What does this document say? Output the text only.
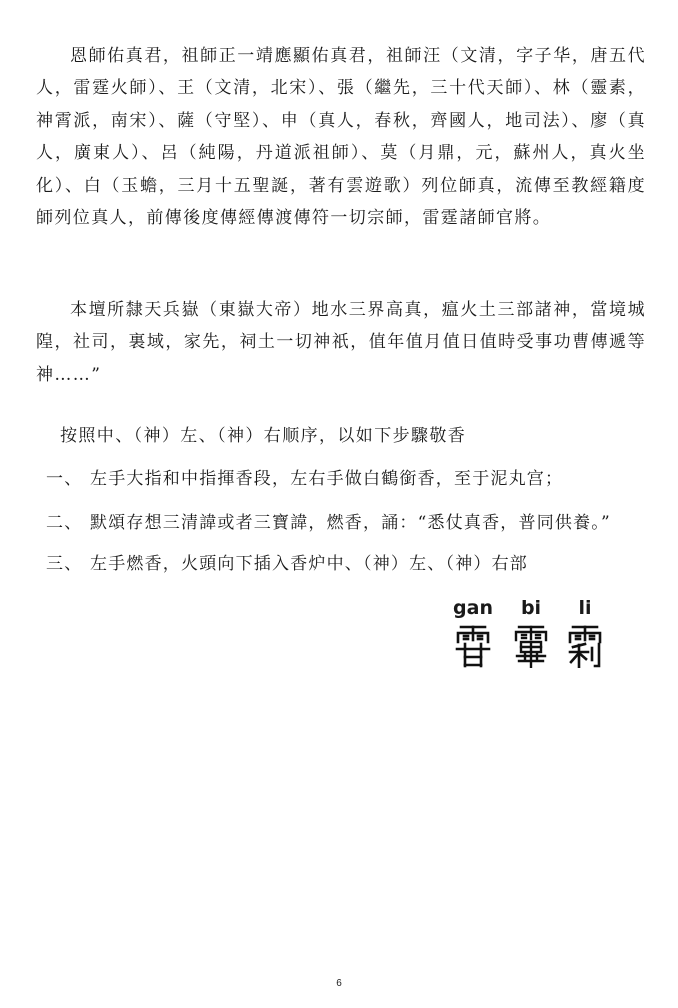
恩師佑真君，祖師正一靖應顯佑真君，祖師汪（文清，字子华，唐五代人，雷霆火師）、王（文清，北宋）、張（繼先，三十代天師）、林（靈素，神霄派，南宋）、薩（守堅）、申（真人，春秋，齊國人，地司法）、廖（真人，廣東人）、呂（純陽，丹道派祖師）、莫（月鼎，元，蘇州人，真火坐化）、白（玉蟾，三月十五聖誕，著有雲遊歌）列位師真，流傳至教經籍度師列位真人，前傳後度傳經傳渡傳符一切宗師，雷霆諸師官將。

本壇所隸天兵嶽（東嶽大帝）地水三界高真，瘟火土三部諸神，當境城隍，社司，裏域，家先，祠土一切神祇，值年值月值日值時受事功曹傳遞等神……”

按照中、（神）左、（神）右顺序，以如下步驟敬香

一、 左手大指和中指揮香段，左右手做白鶴銜香，至于泥丸宫；
二、 默頌存想三清諱或者三寶諱，燃香，誦：“悉仗真香，普同供養。”
三、 左手燃香，火頭向下插入香炉中、（神）左、（神）右部
gan	bi	li
6
